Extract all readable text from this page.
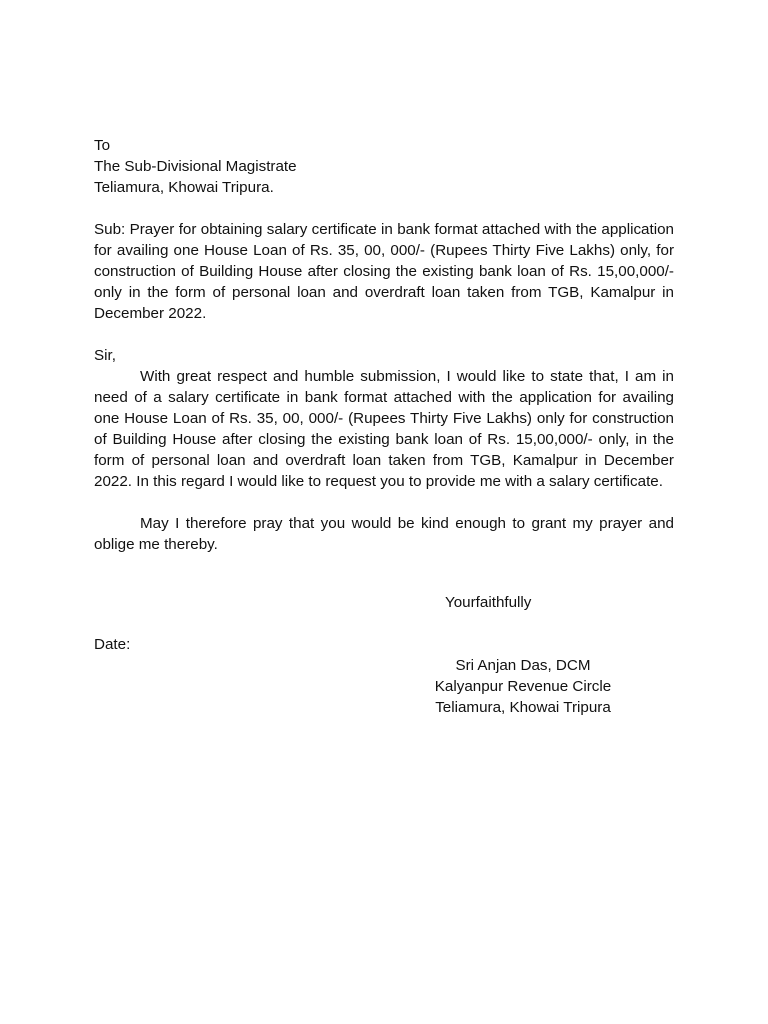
To
The Sub-Divisional Magistrate
Teliamura, Khowai Tripura.

Sub: Prayer for obtaining salary certificate in bank format attached with the application for availing one House Loan of Rs. 35, 00, 000/- (Rupees Thirty Five Lakhs) only, for construction of Building House after closing the existing bank loan of Rs. 15,00,000/- only in the form of personal loan and overdraft loan taken from TGB, Kamalpur in December 2022.

Sir,

With great respect and humble submission, I would like to state that, I am in need of a salary certificate in bank format attached with the application for availing one House Loan of Rs. 35, 00, 000/- (Rupees Thirty Five Lakhs) only for construction of Building House after closing the existing bank loan of Rs. 15,00,000/- only, in the form of personal loan and overdraft loan taken from TGB, Kamalpur in December 2022. In this regard I would like to request you to provide me with a salary certificate.

May I therefore pray that you would be kind enough to grant my prayer and oblige me thereby.

Yourfaithfully
Date:
Sri Anjan Das, DCM
Kalyanpur Revenue Circle
Teliamura, Khowai Tripura
